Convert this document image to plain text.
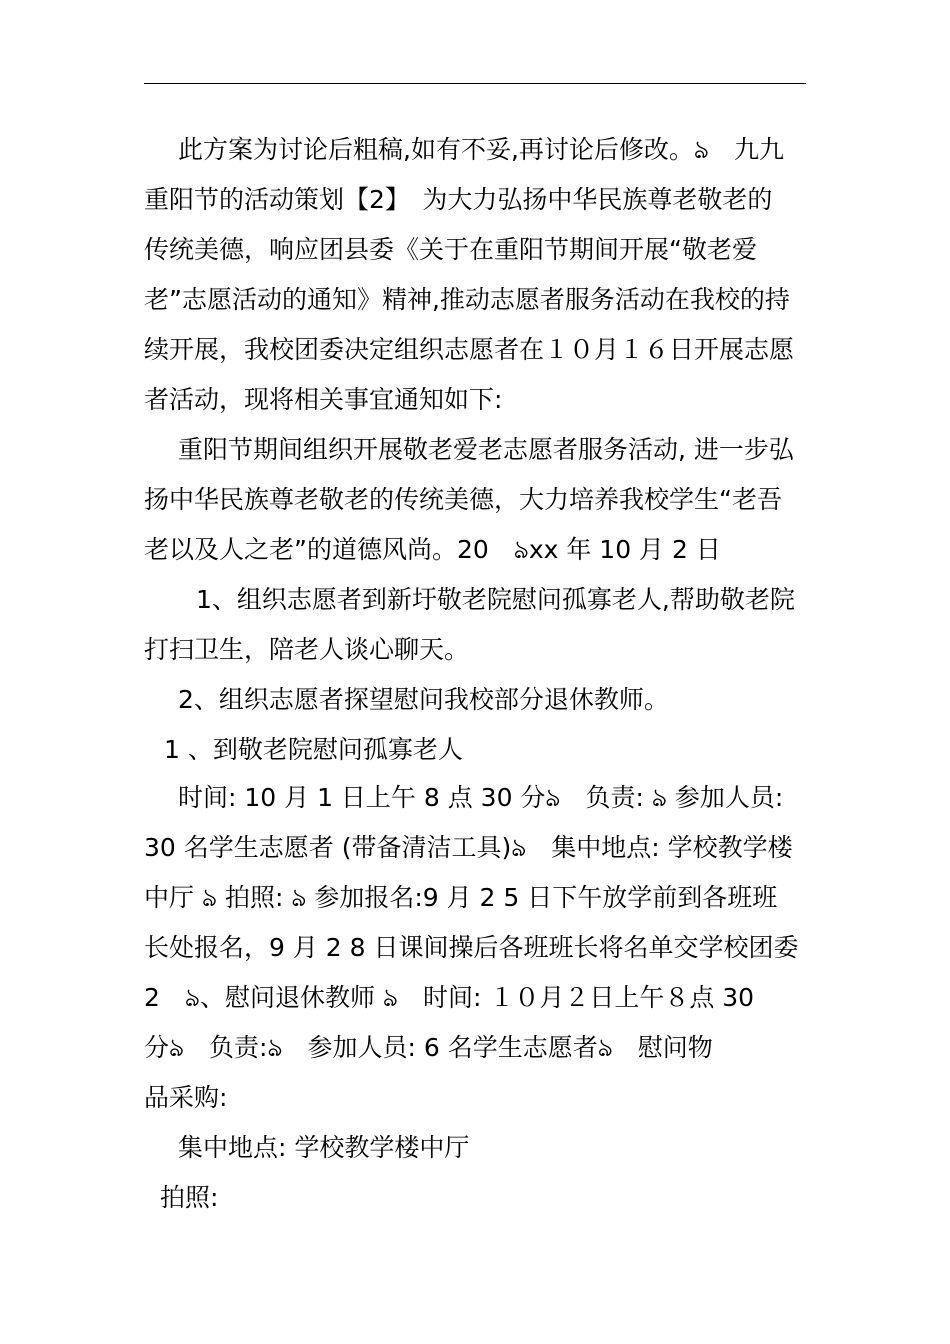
此方案为讨论后粗稿,如有不妥,再讨论后修改。ঌ　九九
重阳节的活动策划【2】　为大力弘扬中华民族尊老敬老的
传统美德，响应团县委《关于在重阳节期间开展“敬老爱
老”志愿活动的通知》精神,推动志愿者服务活动在我校的持
续开展，我校团委决定组织志愿者在１０月１６日开展志愿
者活动，现将相关事宜通知如下:
重阳节期间组织开展敬老爱老志愿者服务活动, 进一步弘
扬中华民族尊老敬老的传统美德，大力培养我校学生“老吾
老以及人之老”的道德风尚。20　ঌxx 年 10 月 2 日
1、组织志愿者到新圩敬老院慰问孤寡老人,帮助敬老院
打扫卫生，陪老人谈心聊天。
2、组织志愿者探望慰问我校部分退休教师。
1 、到敬老院慰问孤寡老人
时间: 10 月 1 日上午 8 点 30 分ঌ　负责: ঌ 参加人员:
30 名学生志愿者 (带备清洁工具)ঌ　集中地点: 学校教学楼
中厅 ঌ 拍照: ঌ 参加报名:9 月 2 5 日下午放学前到各班班
长处报名，9 月 2 8 日课间操后各班班长将名单交学校团委
2　ঌ、慰问退休教师 ঌ　时间: １０月２日上午８点 30
分ঌ　负责:ঌ　参加人员: 6 名学生志愿者ঌ　慰问物
品采购:
集中地点: 学校教学楼中厅
拍照:
